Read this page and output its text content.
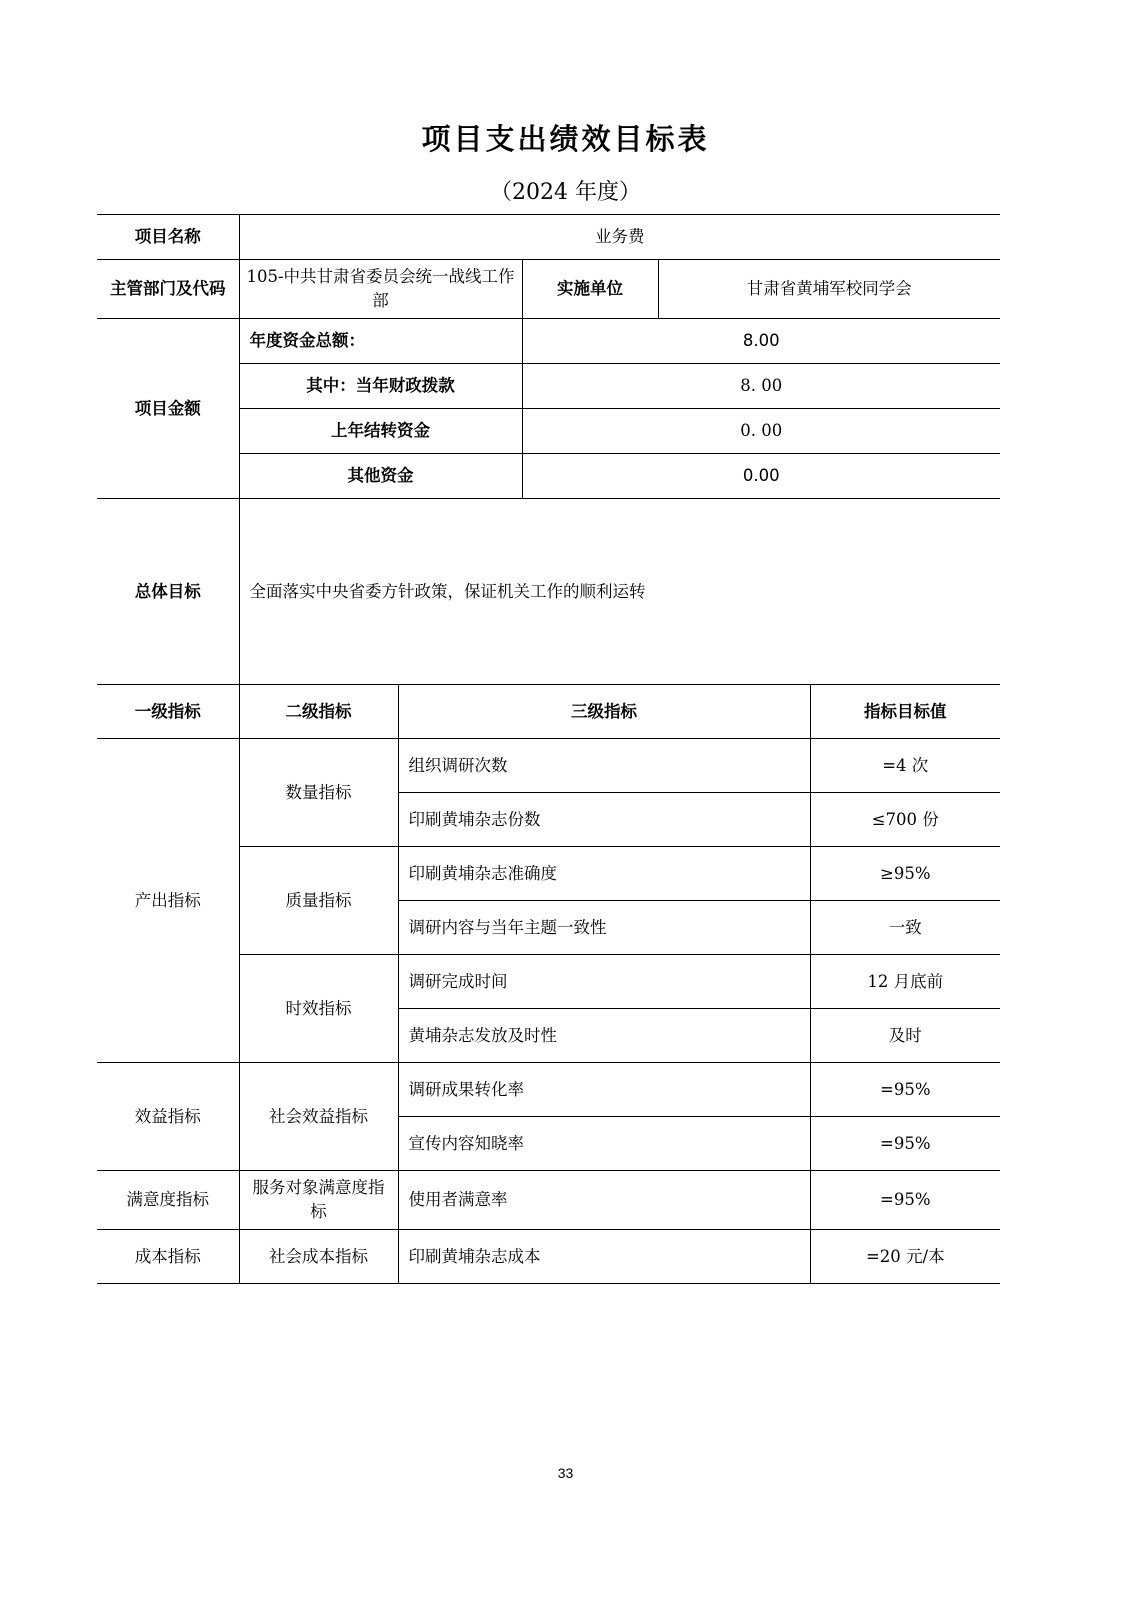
项目支出绩效目标表
（2024 年度）
项目名称	业务费				
主管部门及代码	105-中共甘肃省委员会统一战线工作部		实施单位	甘肃省黄埔军校同学会	
项目金额	年度资金总额：		8.00		
	其中：当年财政拨款		8. 00		
	上年结转资金		0. 00		
	其他资金		0.00		
总体目标	全面落实中央省委方针政策，保证机关工作的顺利运转				
一级指标	二级指标	三级指标			指标目标值
产出指标	数量指标	组织调研次数			=4 次
		印刷黄埔杂志份数			≤700 份
	质量指标	印刷黄埔杂志准确度			≥95%
		调研内容与当年主题一致性			一致
	时效指标	调研完成时间			12 月底前
		黄埔杂志发放及时性			及时
效益指标	社会效益指标	调研成果转化率			=95%
		宣传内容知晓率			=95%
满意度指标	服务对象满意度指标	使用者满意率			=95%
成本指标	社会成本指标	印刷黄埔杂志成本			=20 元/本
33
